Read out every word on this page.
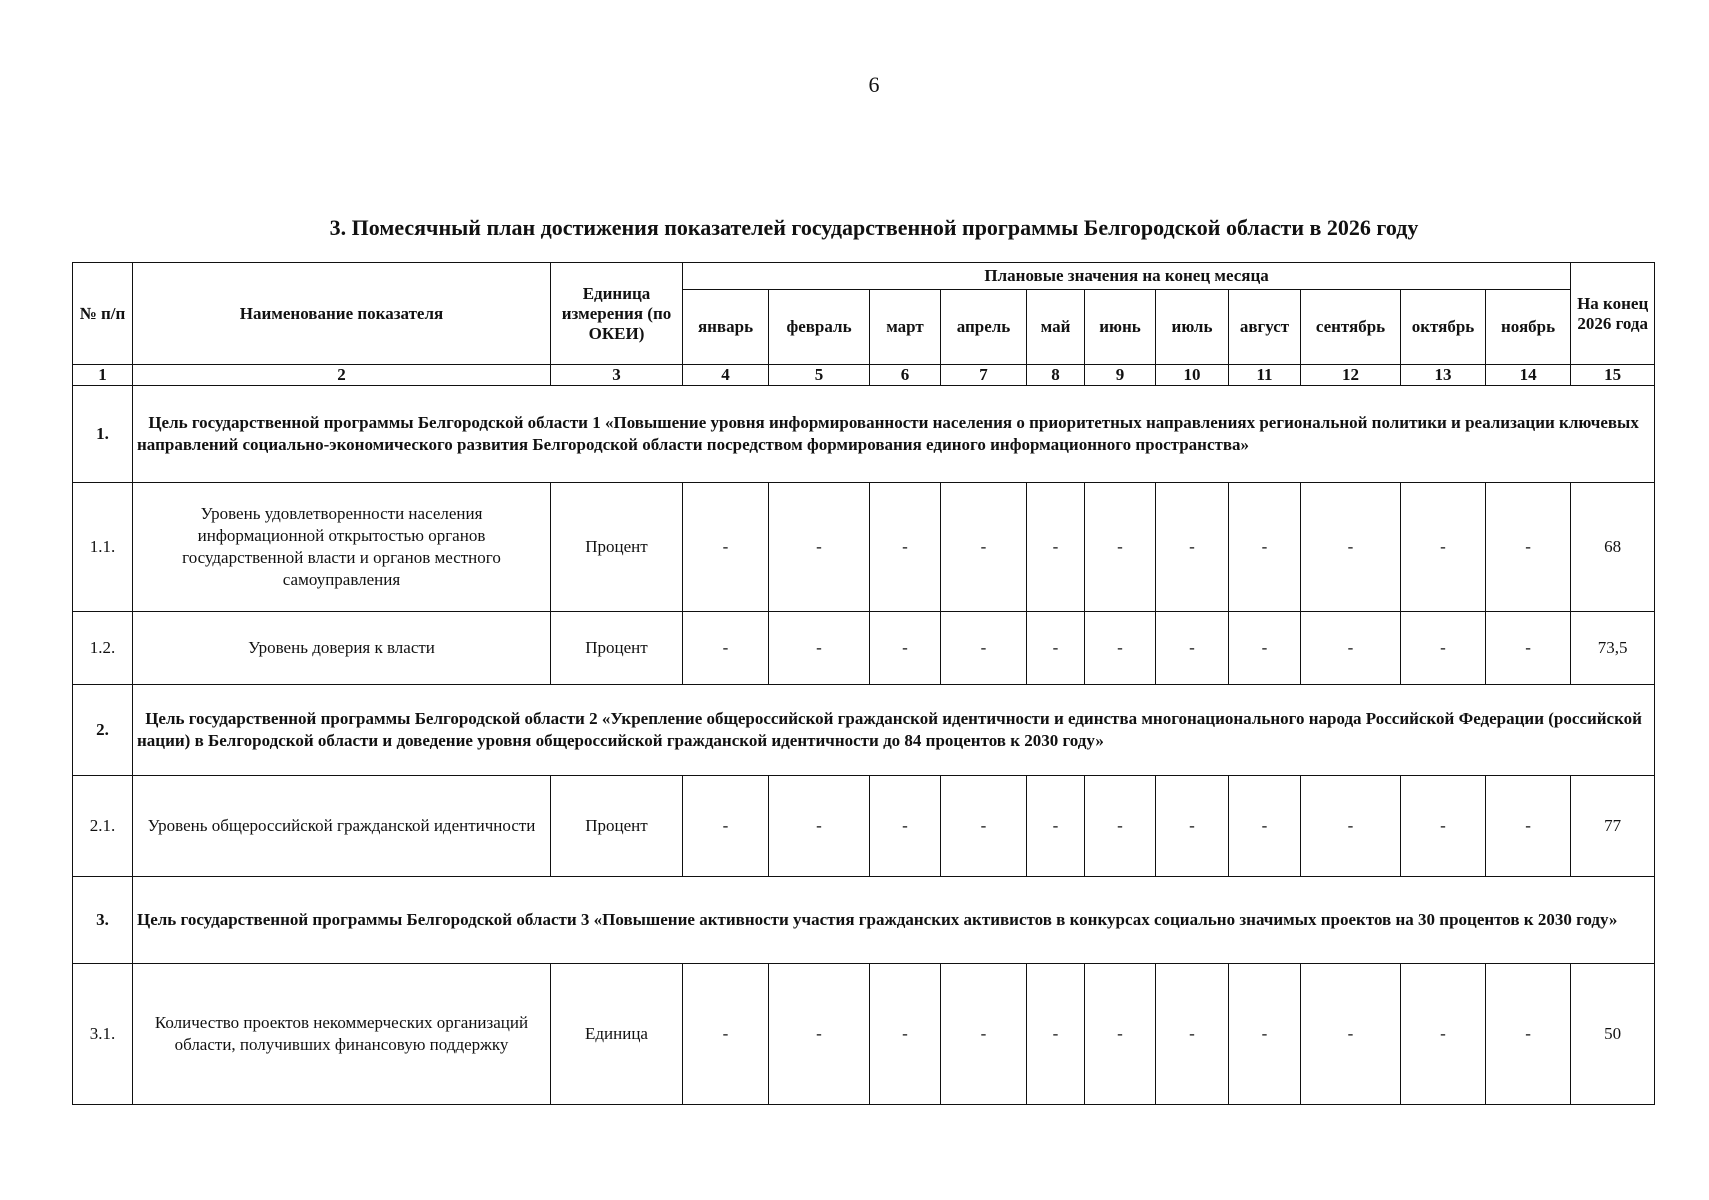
6
3. Помесячный план достижения показателей государственной программы Белгородской области в 2026 году
№ п/п	Наименование показателя	Единица измерения (по ОКЕИ)	Плановые значения на конец месяца											На конец 2026 года
			январь	февраль	март	апрель	май	июнь	июль	август	сентябрь	октябрь	ноябрь	
1	2	3	4	5	6	7	8	9	10	11	12	13	14	15
1.	Цель государственной программы Белгородской области 1 «Повышение уровня информированности населения о приоритетных направлениях региональной политики и реализации ключевых направлений социально-экономического развития Белгородской области посредством формирования единого информационного пространства»													
1.1.	Уровень удовлетворенности населения информационной открытостью органов государственной власти и органов местного самоуправления	Процент	-	-	-	-	-	-	-	-	-	-	-	68
1.2.	Уровень доверия к власти	Процент	-	-	-	-	-	-	-	-	-	-	-	73,5
2.	Цель государственной программы Белгородской области 2 «Укрепление общероссийской гражданской идентичности и единства многонационального народа Российской Федерации (российской нации) в Белгородской области и доведение уровня общероссийской гражданской идентичности до 84 процентов к 2030 году»													
2.1.	Уровень общероссийской гражданской идентичности	Процент	-	-	-	-	-	-	-	-	-	-	-	77
3.	Цель государственной программы Белгородской области 3 «Повышение активности участия гражданских активистов в конкурсах социально значимых проектов на 30 процентов к 2030 году»													
3.1.	Количество проектов некоммерческих организаций области, получивших финансовую поддержку	Единица	-	-	-	-	-	-	-	-	-	-	-	50
